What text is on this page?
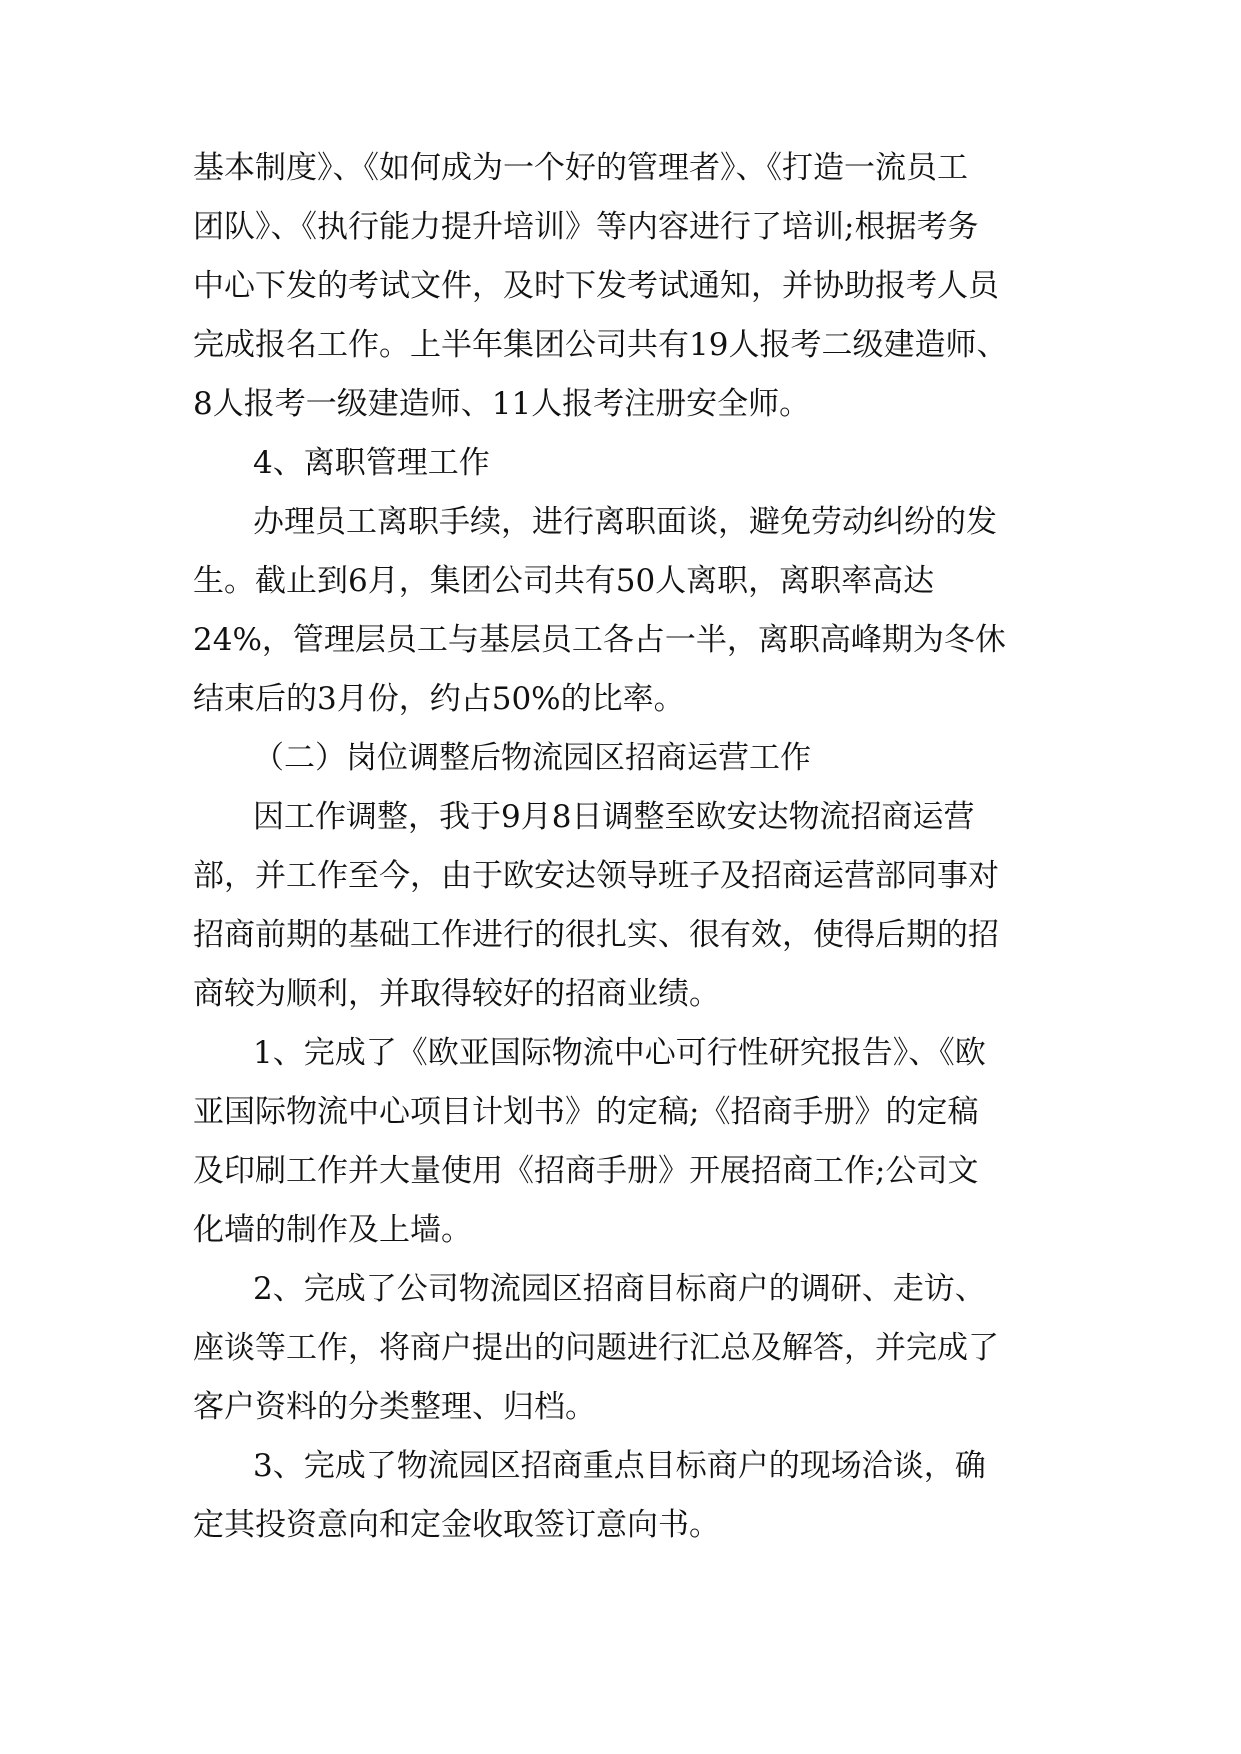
基本制度》、《如何成为一个好的管理者》、《打造一流员工

团队》、《执行能力提升培训》等内容进行了培训;根据考务

中心下发的考试文件，及时下发考试通知，并协助报考人员

完成报名工作。上半年集团公司共有19人报考二级建造师、

8人报考一级建造师、11人报考注册安全师。

4、离职管理工作

办理员工离职手续，进行离职面谈，避免劳动纠纷的发

生。截止到6月，集团公司共有50人离职，离职率高达

24%，管理层员工与基层员工各占一半，离职高峰期为冬休

结束后的3月份，约占50%的比率。

（二）岗位调整后物流园区招商运营工作

因工作调整，我于9月8日调整至欧安达物流招商运营

部，并工作至今，由于欧安达领导班子及招商运营部同事对

招商前期的基础工作进行的很扎实、很有效，使得后期的招

商较为顺利，并取得较好的招商业绩。

1、完成了《欧亚国际物流中心可行性研究报告》、《欧

亚国际物流中心项目计划书》的定稿;《招商手册》的定稿

及印刷工作并大量使用《招商手册》开展招商工作;公司文

化墙的制作及上墙。

2、完成了公司物流园区招商目标商户的调研、走访、

座谈等工作，将商户提出的问题进行汇总及解答，并完成了

客户资料的分类整理、归档。

3、完成了物流园区招商重点目标商户的现场洽谈，确

定其投资意向和定金收取签订意向书。
